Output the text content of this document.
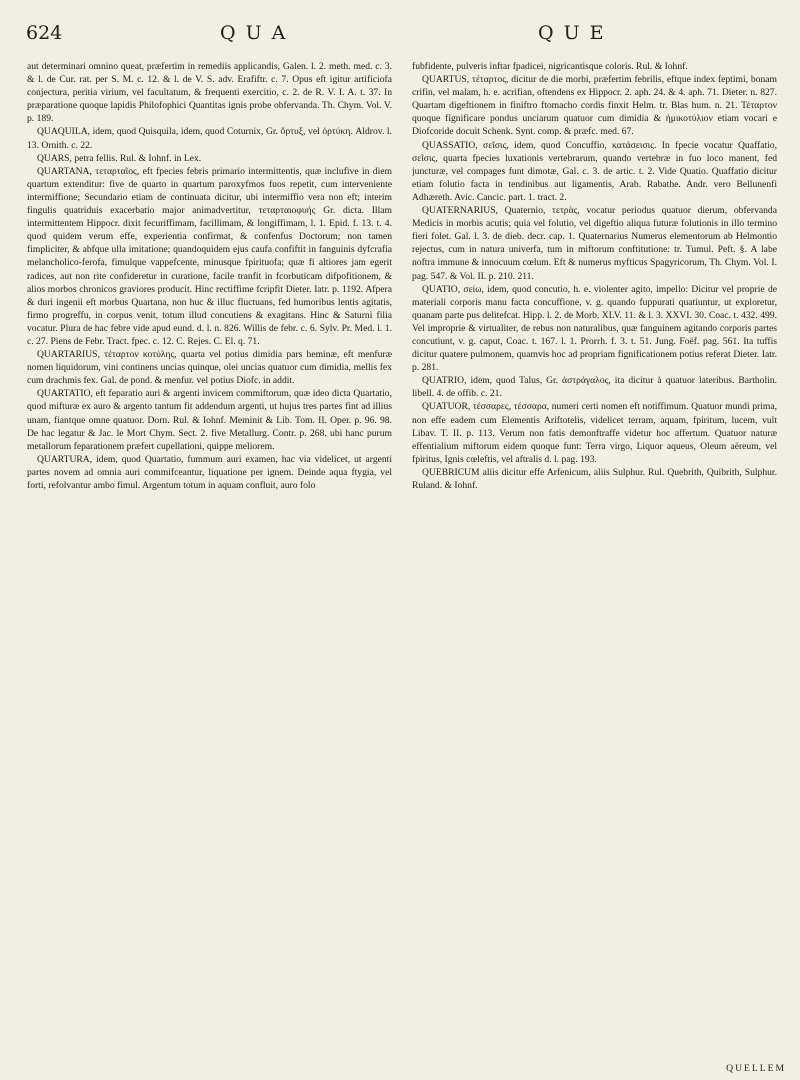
624	Q U A	Q U E

aut determinari omnino queat, præfertim in remediis applicandis, Galen. l. 2. meth. med. c. 3. & l. de Cur. rat. per S. M. c. 12. & l. de V. S. adv. Erafiftr. c. 7. Opus eft igitur artificiofa conjectura, peritia virium, vel facultatum, & frequenti exercitio, c. 2. de R. V. I. A. t. 37. In præparatione quoque lapidis Philofophici Quantitas ignis probe obfervanda. Th. Chym. Vol. V. p. 189.

QUAQUILA, idem, quod Quisquila, idem, quod Coturnix, Gr. ὄρτυξ, vel ὀρτύκη. Aldrov. l. 13. Ornith. c. 22.

QUARS, petra fellis. Rul. & Iohnf. in Lex.

QUARTANA, τεταρταῖος, eft fpecies febris primario intermittentis, quæ inclufive in diem quartum extenditur: five de quarto in quartum paroxyfmos fuos repetit, cum interveniente intermiffione; Secundario etiam de continuata dicitur, ubi intermiffio vera non eft; interim fingulis quatriduis exacerbatio major animadvertitur, τεταρταιοφυής Gr. dicta. Illam intermittentem Hippocr. dixit fecuriffimam, facillimam, & longiffimam, l. 1. Epid. f. 13. t. 4. quod quidem verum effe, experientia confirmat, & confenfus Doctorum; non tamen fimpliciter, & abfque ulla imitatione; quandoquidem ejus caufa confiftit in fanguinis dyfcrafia melancholico-ferofa, fimulque vappefcente, minusque fpirituofa; quæ fi altiores jam egerit radices, aut non rite confideretur in curatione, facile tranfit in fcorbuticam difpofitionem, & alios morbos chronicos graviores producit. Hinc rectiffime fcripfit Dieter. Iatr. p. 1192. Afpera & duri ingenii eft morbus Quartana, non huc & illuc fluctuans, fed humoribus lentis agitatis, firmo progreffu, in corpus venit, totum illud concutiens & exagitans. Hinc & Saturni filia vocatur. Plura de hac febre vide apud eund. d. l. n. 826. Willis de febr. c. 6. Sylv. Pr. Med. l. 1. c. 27. Piens de Febr. Tract. fpec. c. 12. C. Rejes. C. El. q. 71.

QUARTARIUS, τέταρτον κοτύλης, quarta vel potius dimidia pars heminæ, eft menfuræ nomen liquidorum, vini continens uncias quinque, olei uncias quatuor cum dimidia, mellis fex cum drachmis fex. Gal. de pond. & menfur. vel potius Diofc. in addit.

QUARTATIO, eft feparatio auri & argenti invicem commiftorum, quæ ideo dicta Quartatio, quod mifturæ ex auro & argento tantum fit addendum argenti, ut hujus tres partes fint ad illius unam, fiantque omne quatuor. Dorn. Rul. & Iohnf. Meminit & Lib. Tom. II. Oper. p. 96. 98. De hac legatur & Jac. le Mort Chym. Sect. 2. five Metallurg. Contr. p. 268. ubi hanc purum metallorum feparationem præfert cupellationi, quippe meliorem.

QUARTURA, idem, quod Quartatio, fummum auri examen, hac via videlicet, ut argenti partes novem ad omnia auri commifceantur, liquatione per ignem. Deinde aqua ftygia, vel forti, refolvantur ambo fimul. Argentum totum in aquam confluit, auro folo

fubfidente, pulveris inftar fpadicei, nigricantisque coloris. Rul. & Iohnf.

QUARTUS, τέταρτος, dicitur de die morbi, præfertim febrilis, eftque index feptimi, bonam crifin, vel malam, h. e. acrifian, oftendens ex Hippocr. 2. aph. 24. & 4. aph. 71. Dieter. n. 827. Quartam digeftionem in finiftro ftomacho cordis finxit Helm. tr. Blas hum. n. 21. Τέταρτον quoque fignificare pondus unciarum quatuor cum dimidia & ἡμικοτύλιον etiam vocari e Diofcoride docuit Schenk. Synt. comp. & præfc. med. 67.

QUASSATIO, σεῖσις, idem, quod Concuffio, κατάσεισις. In fpecie vocatur Quaffatio, σεῖσις, quarta fpecies luxationis vertebrarum, quando vertebræ in fuo loco manent, fed juncturæ, vel compages funt dimotæ, Gal. c. 3. de artic. t. 2. Vide Quatio. Quaffatio dicitur etiam folutio facta in tendinibus aut ligamentis, Arab. Rabathe. Andr. vero Bellunenfi Adhæreth. Avic. Cancic. part. 1. tract. 2.

QUATERNARIUS, Quaternio, τετρὰς, vocatur periodus quatuor dierum, obfervanda Medicis in morbis acutis; quia vel folutio, vel digeftio aliqua futuræ folutionis in illo termino fieri folet. Gal. l. 3. de dieb. decr. cap. 1. Quaternarius Numerus elementorum ab Helmontio rejectus, cum in natura univerfa, tum in miftorum conftitutione: tr. Tumul. Peft. §. A labe noftra immune & innocuum cœlum. Eft & numerus myfticus Spagyricorum, Th. Chym. Vol. I. pag. 547. & Vol. II. p. 210. 211.

QUATIO, σείω, idem, quod concutio, h. e. violenter agito, impello: Dicitur vel proprie de materiali corporis manu facta concuffione, v. g. quando fuppurati quatiuntur, ut exploretur, quanam parte pus delitefcat. Hipp. l. 2. de Morb. XLV. 11. & l. 3. XXVI. 30. Coac. t. 432. 499. Vel improprie & virtualiter, de rebus non naturalibus, quæ fanguinem agitando corporis partes concutiunt, v. g. caput, Coac. t. 167. l. 1. Prorrh. f. 3. t. 51. Jung. Foëf. pag. 561. Ita tuffis dicitur quatere pulmonem, quamvis hoc ad propriam fignificationem potius referat Dieter. Iatr. p. 281.

QUATRIO, idem, quod Talus, Gr. ἀστράγαλος, ita dicitur à quatuor lateribus. Bartholin. libell. 4. de offib. c. 21.

QUATUOR, τέσσαρες, τέσσαρα, numeri certi nomen eft notiffimum. Quatuor mundi prima, non effe eadem cum Elementis Ariftotelis, videlicet terram, aquam, fpiritum, lucem, vult Libav. T. II. p. 113. Verum non fatis demonftraffe videtur hoc affertum. Quatuor naturæ effentialium miftorum eidem quoque funt: Terra virgo, Liquor aqueus, Oleum aëreum, vel fpiritus, Ignis cœleftis, vel aftralis d. l. pag. 193.

QUEBRICUM aliis dicitur effe Arfenicum, aliis Sulphur. Rul. Quebrith, Quibrith, Sulphur. Ruland. & Iohnf.

QUELLEM
